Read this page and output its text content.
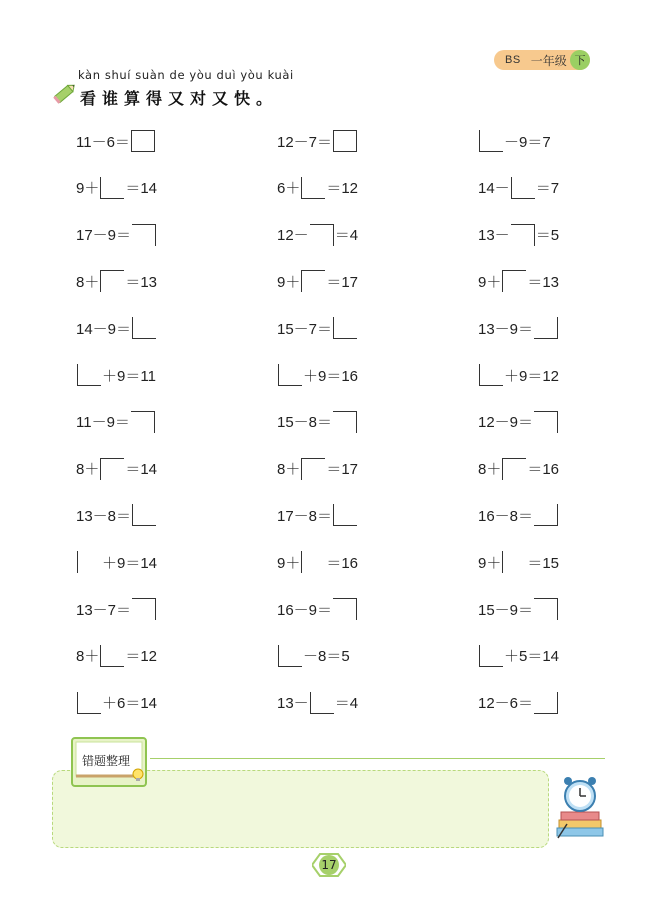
BS 一年级 下
kàn shuí suàn de yòu duì yòu kuài
看谁算得又对又快。
11－6＝	12－7＝	－9＝7
9＋ ＝14	6＋ ＝12	14－ ＝7
17－9＝	12－ ＝4	13－ ＝5
8＋ ＝13	9＋ ＝17	9＋ ＝13
14－9＝	15－7＝	13－9＝
＋9＝11	＋9＝16	＋9＝12
11－9＝	15－8＝	12－9＝
8＋ ＝14	8＋ ＝17	8＋ ＝16
13－8＝	17－8＝	16－8＝
＋9＝14	9＋ ＝16	9＋ ＝15
13－7＝	16－9＝	15－9＝
8＋ ＝12	－8＝5	＋5＝14
＋6＝14	13－ ＝4	12－6＝
错题整理
17
